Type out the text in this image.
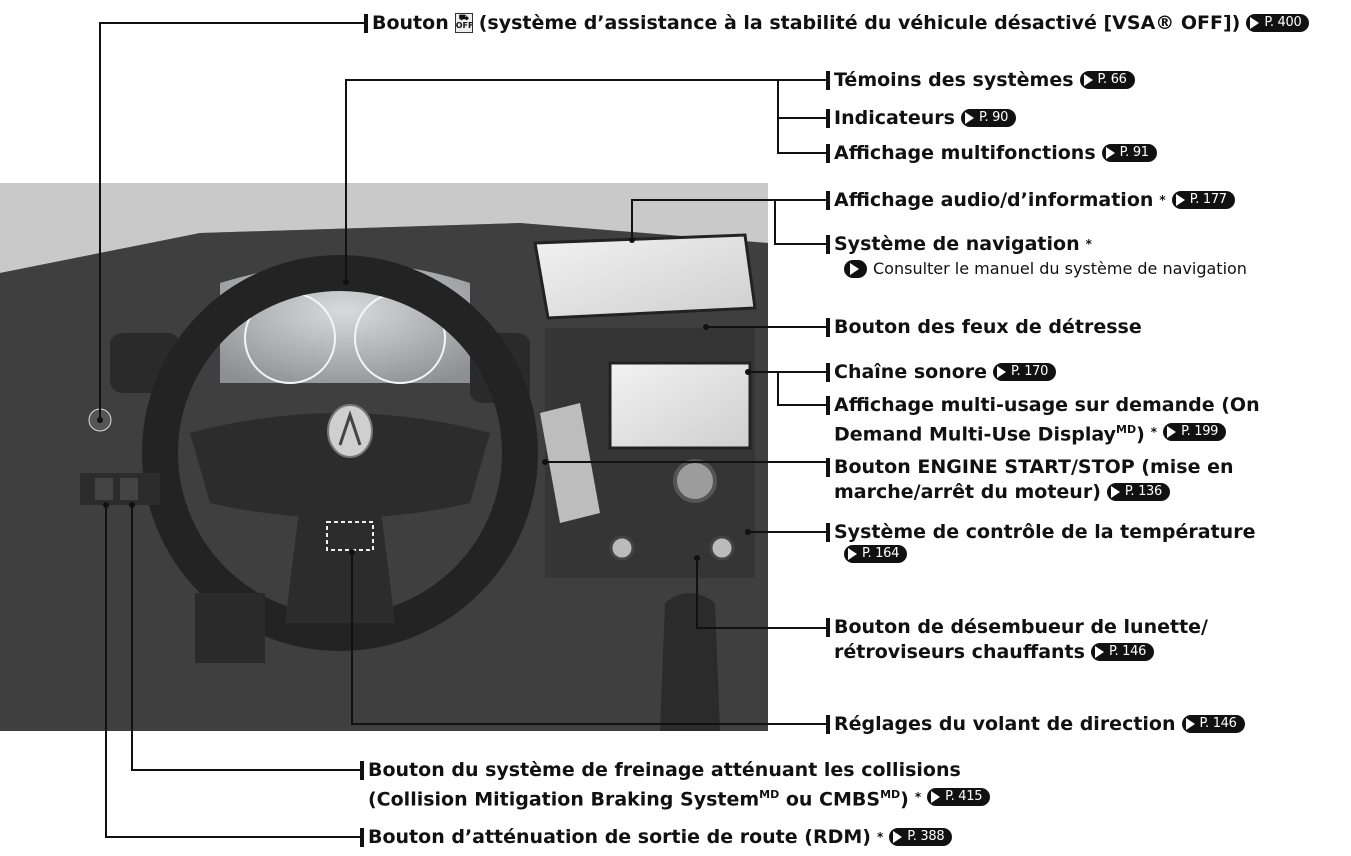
Bouton	⛟
OFF (système d’assistance à la stabilité du véhicule désactivé [VSA® OFF]) P. 400
Témoins des systèmes P. 66
Indicateurs P. 90
Affichage multifonctions P. 91
Affichage audio/d’information * P. 177
Système de navigation *
Consulter le manuel du système de navigation
Bouton des feux de détresse
Chaîne sonore P. 170
Affichage multi-usage sur demande (On
Demand Multi-Use Display$^{MD}$) * P. 199
Bouton ENGINE START/STOP (mise en
marche/arrêt du moteur) P. 136
Système de contrôle de la température
P. 164
Bouton de désembueur de lunette/
rétroviseurs chauffants P. 146
Réglages du volant de direction P. 146
Bouton du système de freinage atténuant les collisions
(Collision Mitigation Braking System$^{MD}$ ou $CMBS^{MD}$) * P. 415
Bouton d’atténuation de sortie de route (RDM) * P. 388
